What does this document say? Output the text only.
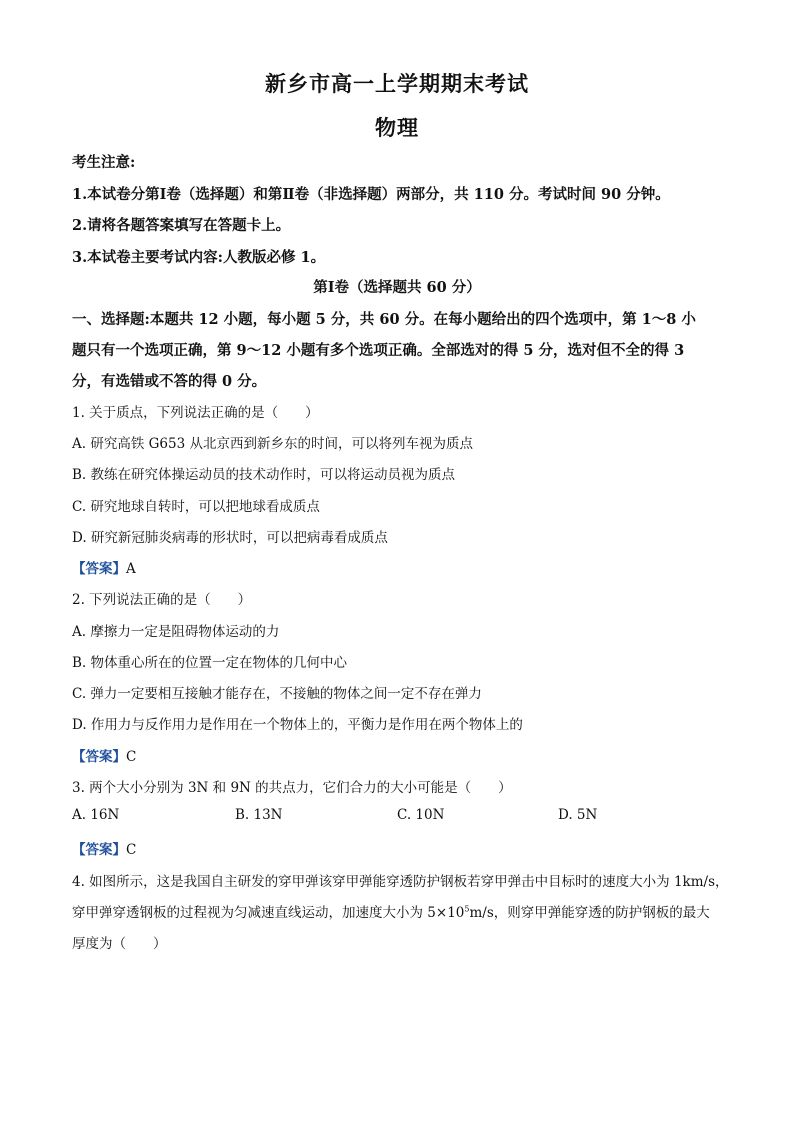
新乡市高一上学期期末考试
物理
考生注意:
1.本试卷分第Ⅰ卷（选择题）和第Ⅱ卷（非选择题）两部分，共 110 分。考试时间 90 分钟。
2.请将各题答案填写在答题卡上。
3.本试卷主要考试内容:人教版必修 1。
第Ⅰ卷（选择题共 60 分）
一、选择题:本题共 12 小题，每小题 5 分，共 60 分。在每小题给出的四个选项中，第 1～8 小
题只有一个选项正确，第 9～12 小题有多个选项正确。全部选对的得 5 分，选对但不全的得 3
分，有选错或不答的得 0 分。
1. 关于质点，下列说法正确的是（　　）
A. 研究高铁 G653 从北京西到新乡东的时间，可以将列车视为质点
B. 教练在研究体操运动员的技术动作时，可以将运动员视为质点
C. 研究地球自转时，可以把地球看成质点
D. 研究新冠肺炎病毒的形状时，可以把病毒看成质点
【答案】A
2. 下列说法正确的是（　　）
A. 摩擦力一定是阻碍物体运动的力
B. 物体重心所在的位置一定在物体的几何中心
C. 弹力一定要相互接触才能存在，不接触的物体之间一定不存在弹力
D. 作用力与反作用力是作用在一个物体上的，平衡力是作用在两个物体上的
【答案】C
3. 两个大小分别为 3N 和 9N 的共点力，它们合力的大小可能是（　　）
A. 16N	B. 13N	C. 10N	D. 5N
【答案】C
4. 如图所示，这是我国自主研发的穿甲弹该穿甲弹能穿透防护钢板若穿甲弹击中目标时的速度大小为 1km/s，
穿甲弹穿透钢板的过程视为匀减速直线运动，加速度大小为 $5\times 10^5m/s$，则穿甲弹能穿透的防护钢板的最大
厚度为（　　）
